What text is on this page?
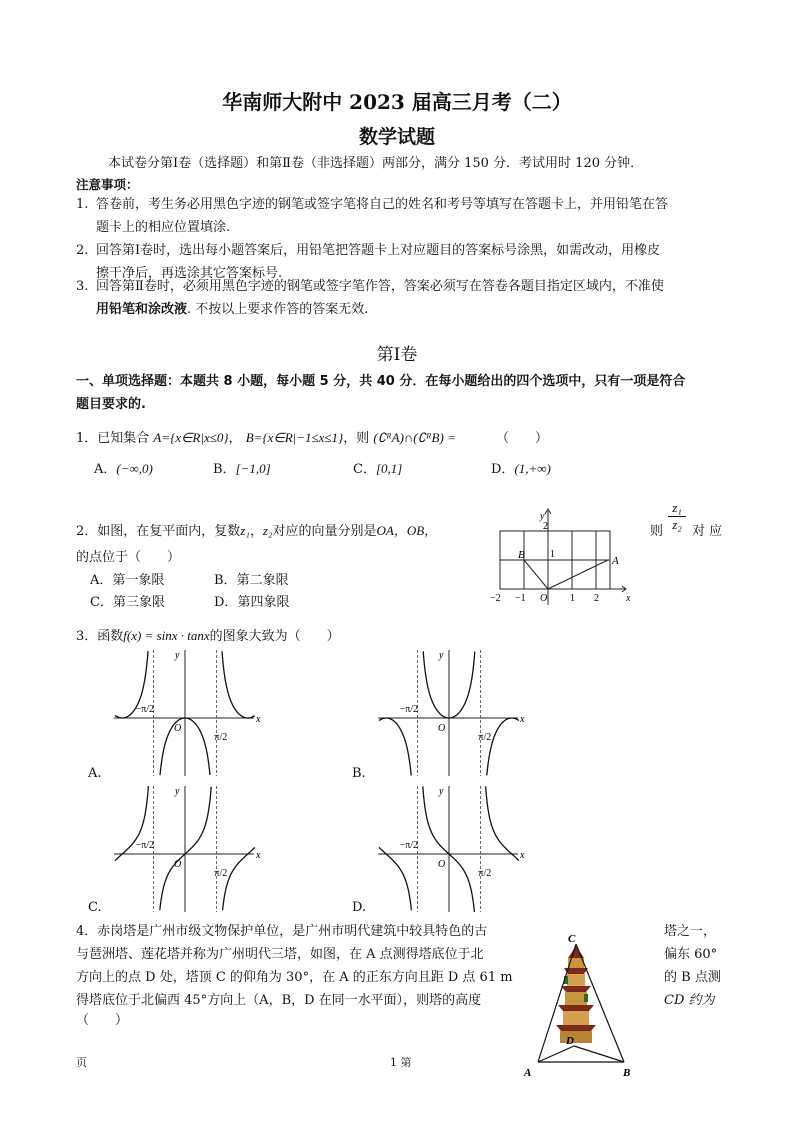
华南师大附中 2023 届高三月考（二）
数学试题
本试卷分第Ⅰ卷（选择题）和第Ⅱ卷（非选择题）两部分，满分 150 分．考试用时 120 分钟．
注意事项：
1. 答卷前，考生务必用黑色字迹的钢笔或签字笔将自己的姓名和考号等填写在答题卡上，并用铅笔在答
题卡上的相应位置填涂.
2. 回答第Ⅰ卷时，选出每小题答案后，用铅笔把答题卡上对应题目的答案标号涂黑，如需改动，用橡皮
擦干净后，再选涂其它答案标号.
3. 回答第Ⅱ卷时，必须用黑色字迹的钢笔或签字笔作答，答案必须写在答卷各题目指定区域内，不准使
用铅笔和涂改液. 不按以上要求作答的答案无效.
第Ⅰ卷
一、单项选择题：本题共 8 小题，每小题 5 分，共 40 分．在每小题给出的四个选项中，只有一项是符合
题目要求的.
1．已知集合 A={x∈R|x≤0}， B={x∈R|−1≤x≤1}，则 (∁ᴿA)∩(∁ᴿB) =	（　　）
A．(−∞,0)	B．[−1,0]	C．[0,1]	D．(1,+∞)
2．如图，在复平面内，复数z₁，z₂对应的向量分别是OA，OB，	则
z₁
z₂ 对 应
的点位于（　　）
A．第一象限	B．第二象限
C．第三象限	D．第四象限	−2 −1 O 1 2	x
y
1
2
A
B
3．函数f(x) = sinx · tanx的图象大致为（　　）
A.	B.
C.	D.
x
y
O
π/2
−π/2
x
y
O
π/2
−π/2
x
y
O
π/2
−π/2
x
y
O
π/2
−π/2
4．赤岗塔是广州市级文物保护单位，是广州市明代建筑中较具特色的古	塔之一，
与琶洲塔、莲花塔并称为广州明代三塔，如图，在 A 点测得塔底位于北	偏东 60°
方向上的点 D 处，塔顶 C 的仰角为 30°，在 A 的正东方向且距 D 点 61 m	的 B 点测
得塔底位于北偏西 45°方向上（A，B，D 在同一水平面），则塔的高度	CD 约为
（　　）
C
D
A	B
页	1 第
